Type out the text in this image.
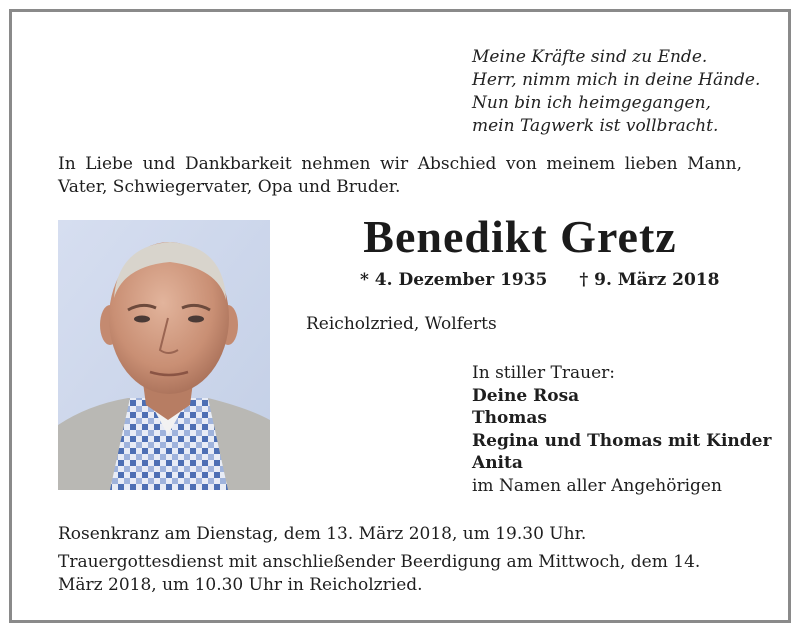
Meine Kräfte sind zu Ende.
Herr, nimm mich in deine Hände.
Nun bin ich heimgegangen,
mein Tagwerk ist vollbracht.
In Liebe und Dankbarkeit nehmen wir Abschied von meinem lieben Mann, Vater, Schwiegervater, Opa und Bruder.
Benedikt Gretz
* 4. Dezember 1935 † 9. März 2018
Reicholzried, Wolferts
In stiller Trauer:
Deine Rosa
Thomas
Regina und Thomas mit Kinder
Anita
im Namen aller Angehörigen
Rosenkranz am Dienstag, dem 13. März 2018, um 19.30 Uhr.
Trauergottesdienst mit anschließender Beerdigung am Mittwoch, dem 14. März 2018, um 10.30 Uhr in Reicholzried.
